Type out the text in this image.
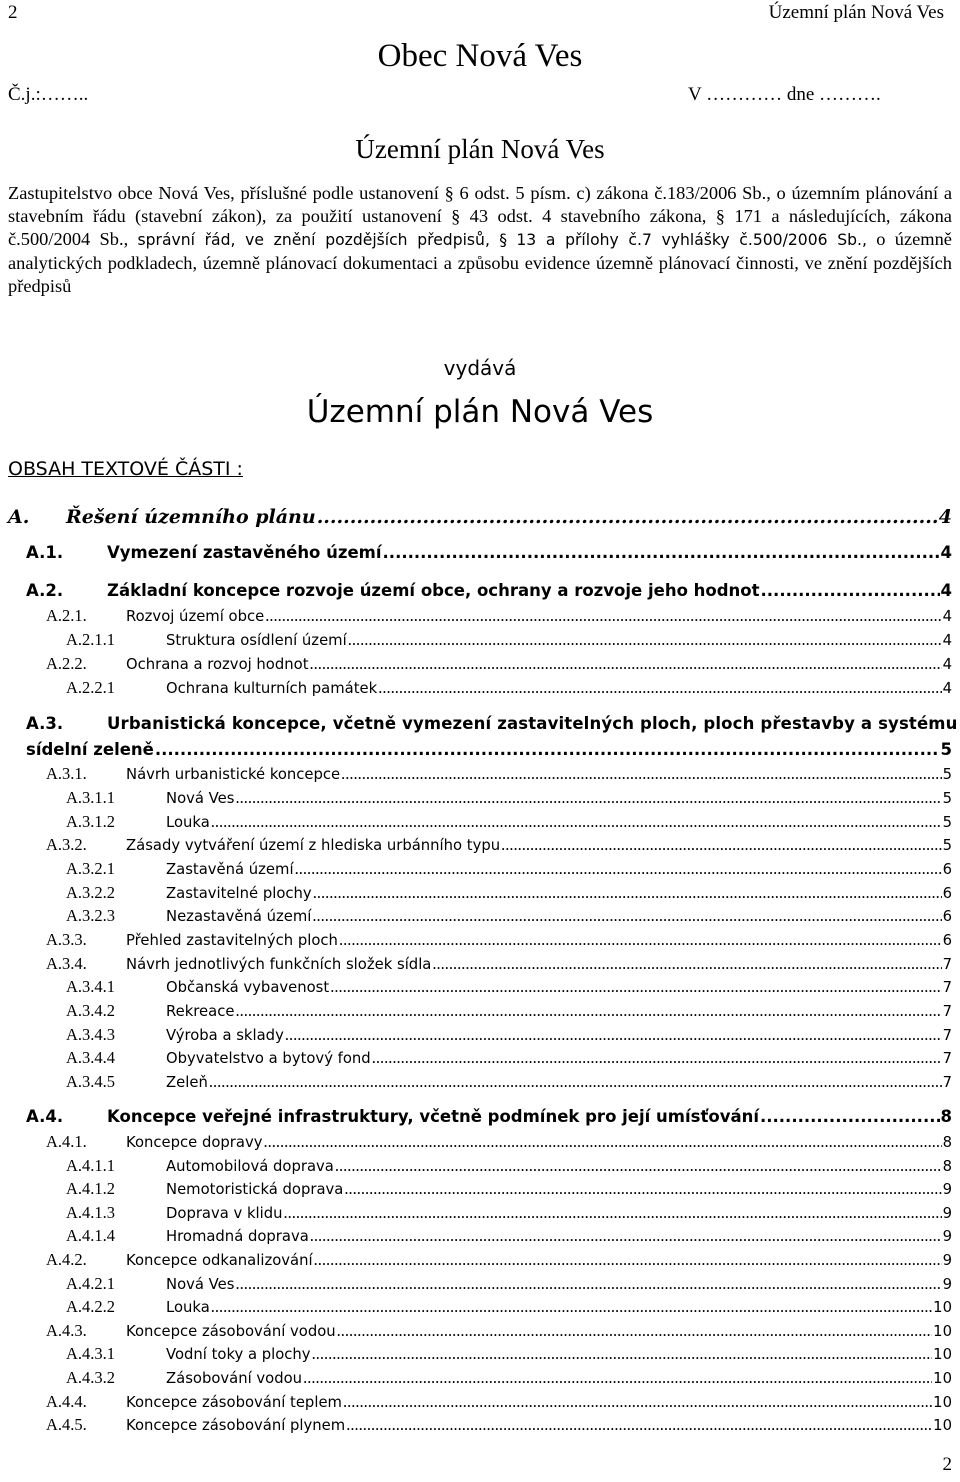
2	Územní plán Nová Ves
Obec Nová Ves
Č.j.:……..	V ………… dne ……….
Územní plán Nová Ves
Zastupitelstvo obce Nová Ves, příslušné podle ustanovení § 6 odst. 5 písm. c) zákona č.183/2006 Sb., o územním plánování a stavebním řádu (stavební zákon), za použití ustanovení § 43 odst. 4 stavebního zákona, § 171 a následujících, zákona č.500/2004 Sb., správní řád, ve znění pozdějších předpisů, § 13 a přílohy č.7 vyhlášky č.500/2006 Sb., o územně analytických podkladech, územně plánovací dokumentaci a způsobu evidence územně plánovací činnosti, ve znění pozdějších předpisů
vydává
Územní plán Nová Ves
OBSAH TEXTOVÉ ČÁSTI :
A.	Řešení územního plánu .....	4
A.1.	Vymezení zastavěného území .....	4
A.2.	Základní koncepce rozvoje území obce, ochrany a rozvoje jeho hodnot .....	4
A.2.1.	Rozvoj území obce .....	4
A.2.1.1	Struktura osídlení území .....	4
A.2.2.	Ochrana a rozvoj hodnot .....	4
A.2.2.1	Ochrana kulturních památek .....	4
A.3.	Urbanistická koncepce, včetně vymezení zastavitelných ploch, ploch přestavby a systému
sídelní zeleně .....	5
A.3.1.	Návrh urbanistické koncepce .....	5
A.3.1.1	Nová Ves .....	5
A.3.1.2	Louka .....	5
A.3.2.	Zásady vytváření území z hlediska urbánního typu .....	5
A.3.2.1	Zastavěná území .....	6
A.3.2.2	Zastavitelné plochy .....	6
A.3.2.3	Nezastavěná území .....	6
A.3.3.	Přehled zastavitelných ploch .....	6
A.3.4.	Návrh jednotlivých funkčních složek sídla .....	7
A.3.4.1	Občanská vybavenost .....	7
A.3.4.2	Rekreace .....	7
A.3.4.3	Výroba a sklady .....	7
A.3.4.4	Obyvatelstvo a bytový fond .....	7
A.3.4.5	Zeleň .....	7
A.4.	Koncepce veřejné infrastruktury, včetně podmínek pro její umísťování .....	8
A.4.1.	Koncepce dopravy .....	8
A.4.1.1	Automobilová doprava .....	8
A.4.1.2	Nemotoristická doprava .....	9
A.4.1.3	Doprava v klidu .....	9
A.4.1.4	Hromadná doprava .....	9
A.4.2.	Koncepce odkanalizování .....	9
A.4.2.1	Nová Ves .....	9
A.4.2.2	Louka .....	10
A.4.3.	Koncepce zásobování vodou .....	10
A.4.3.1	Vodní toky a plochy .....	10
A.4.3.2	Zásobování vodou .....	10
A.4.4.	Koncepce zásobování teplem .....	10
A.4.5.	Koncepce zásobování plynem .....	10
2
